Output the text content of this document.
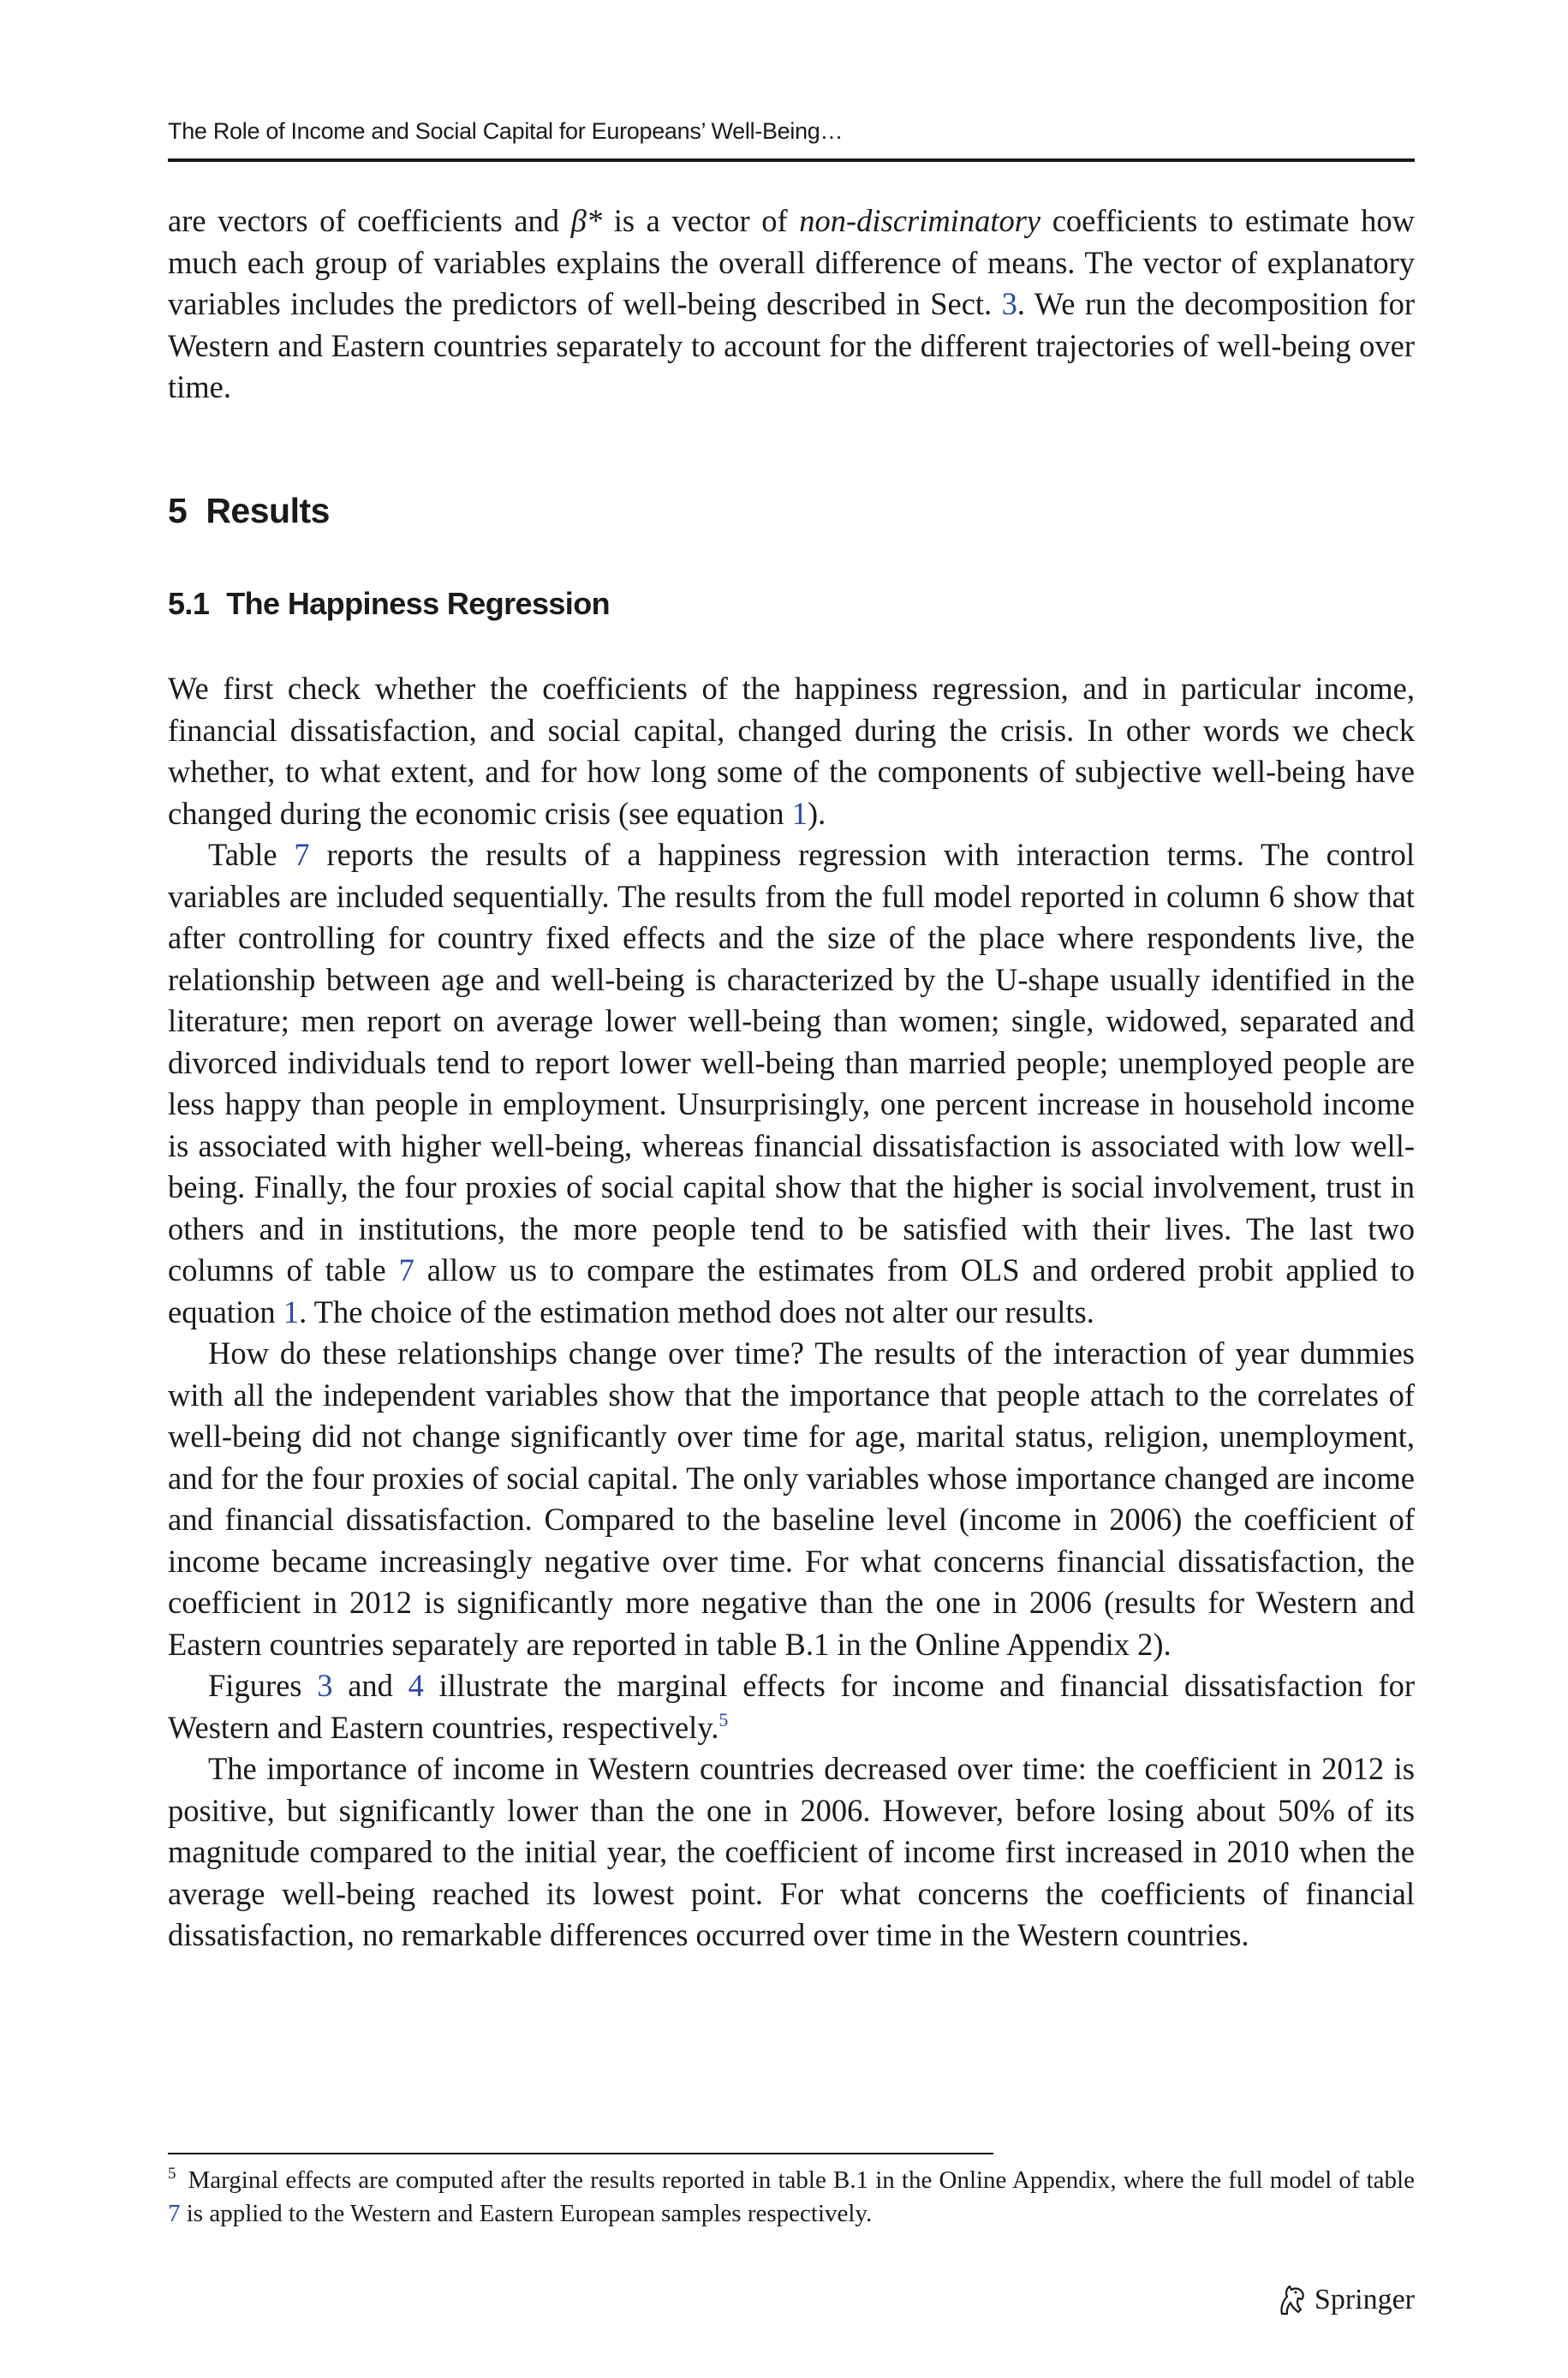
The Role of Income and Social Capital for Europeans’ Well-Being…

are vectors of coefficients and β* is a vector of non-discriminatory coefficients to estimate how much each group of variables explains the overall difference of means. The vector of explanatory variables includes the predictors of well-being described in Sect. 3. We run the decomposition for Western and Eastern countries separately to account for the different trajectories of well-being over time.

5 Results
5.1 The Happiness Regression

We first check whether the coefficients of the happiness regression, and in particular income, financial dissatisfaction, and social capital, changed during the crisis. In other words we check whether, to what extent, and for how long some of the components of subjective well-being have changed during the economic crisis (see equation 1).

Table 7 reports the results of a happiness regression with interaction terms. The control variables are included sequentially. The results from the full model reported in column 6 show that after controlling for country fixed effects and the size of the place where respondents live, the relationship between age and well-being is characterized by the U-shape usually identified in the literature; men report on average lower well-being than women; single, widowed, separated and divorced individuals tend to report lower well-being than married people; unemployed people are less happy than people in employment. Unsurprisingly, one percent increase in household income is associated with higher well-being, whereas financial dissatisfaction is associated with low well-being. Finally, the four proxies of social capital show that the higher is social involvement, trust in others and in institutions, the more people tend to be satisfied with their lives. The last two columns of table 7 allow us to compare the estimates from OLS and ordered probit applied to equation 1. The choice of the estimation method does not alter our results.

How do these relationships change over time? The results of the interaction of year dummies with all the independent variables show that the importance that people attach to the correlates of well-being did not change significantly over time for age, marital status, religion, unemployment, and for the four proxies of social capital. The only variables whose importance changed are income and financial dissatisfaction. Compared to the baseline level (income in 2006) the coefficient of income became increasingly negative over time. For what concerns financial dissatisfaction, the coefficient in 2012 is significantly more negative than the one in 2006 (results for Western and Eastern countries separately are reported in table B.1 in the Online Appendix 2).

Figures 3 and 4 illustrate the marginal effects for income and financial dissatisfaction for Western and Eastern countries, respectively.$^5$

The importance of income in Western countries decreased over time: the coefficient in 2012 is positive, but significantly lower than the one in 2006. However, before losing about 50% of its magnitude compared to the initial year, the coefficient of income first increased in 2010 when the average well-being reached its lowest point. For what concerns the coefficients of financial dissatisfaction, no remarkable differences occurred over time in the Western countries.

$^5$ Marginal effects are computed after the results reported in table B.1 in the Online Appendix, where the full model of table 7 is applied to the Western and Eastern European samples respectively.
Springer
